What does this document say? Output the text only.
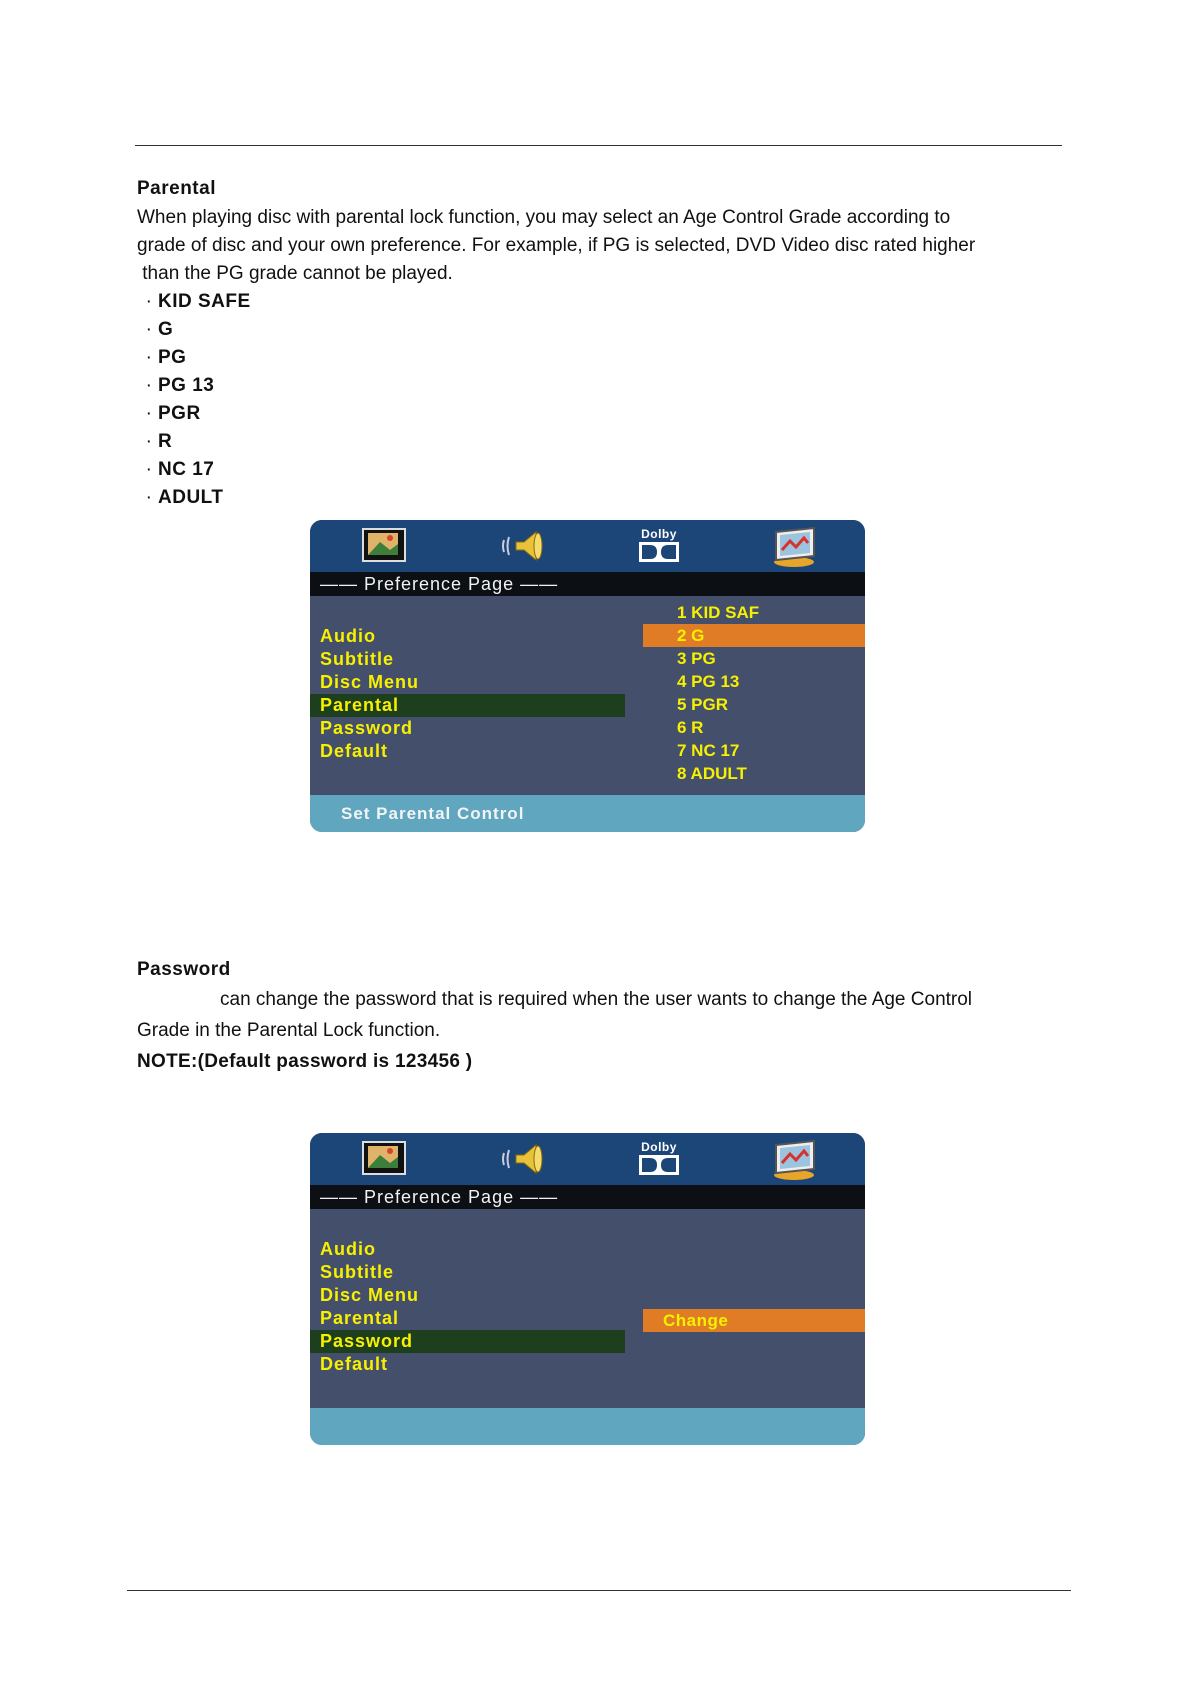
Parental

When playing disc with parental lock function, you may select an Age Control Grade according to

grade of disc and your own preference. For example, if PG is selected, DVD Video disc rated higher

than the PG grade cannot be played.

· KID SAFE
· G
· PG
· PG 13
· PGR
· R
· NC 17
· ADULT
Dolby
—— Preference Page ——
Audio
Subtitle
Disc Menu
Parental
Password
Default
1 KID SAF
2 G
3 PG
4 PG 13
5 PGR
6 R
7 NC 17
8 ADULT
Set Parental Control
Password

can change the password that is required when the user wants to change the Age Control

Grade in the Parental Lock function.

NOTE:(Default password is 123456 )

Dolby
—— Preference Page ——
Audio
Subtitle
Disc Menu
Parental
Password
Default
Change
